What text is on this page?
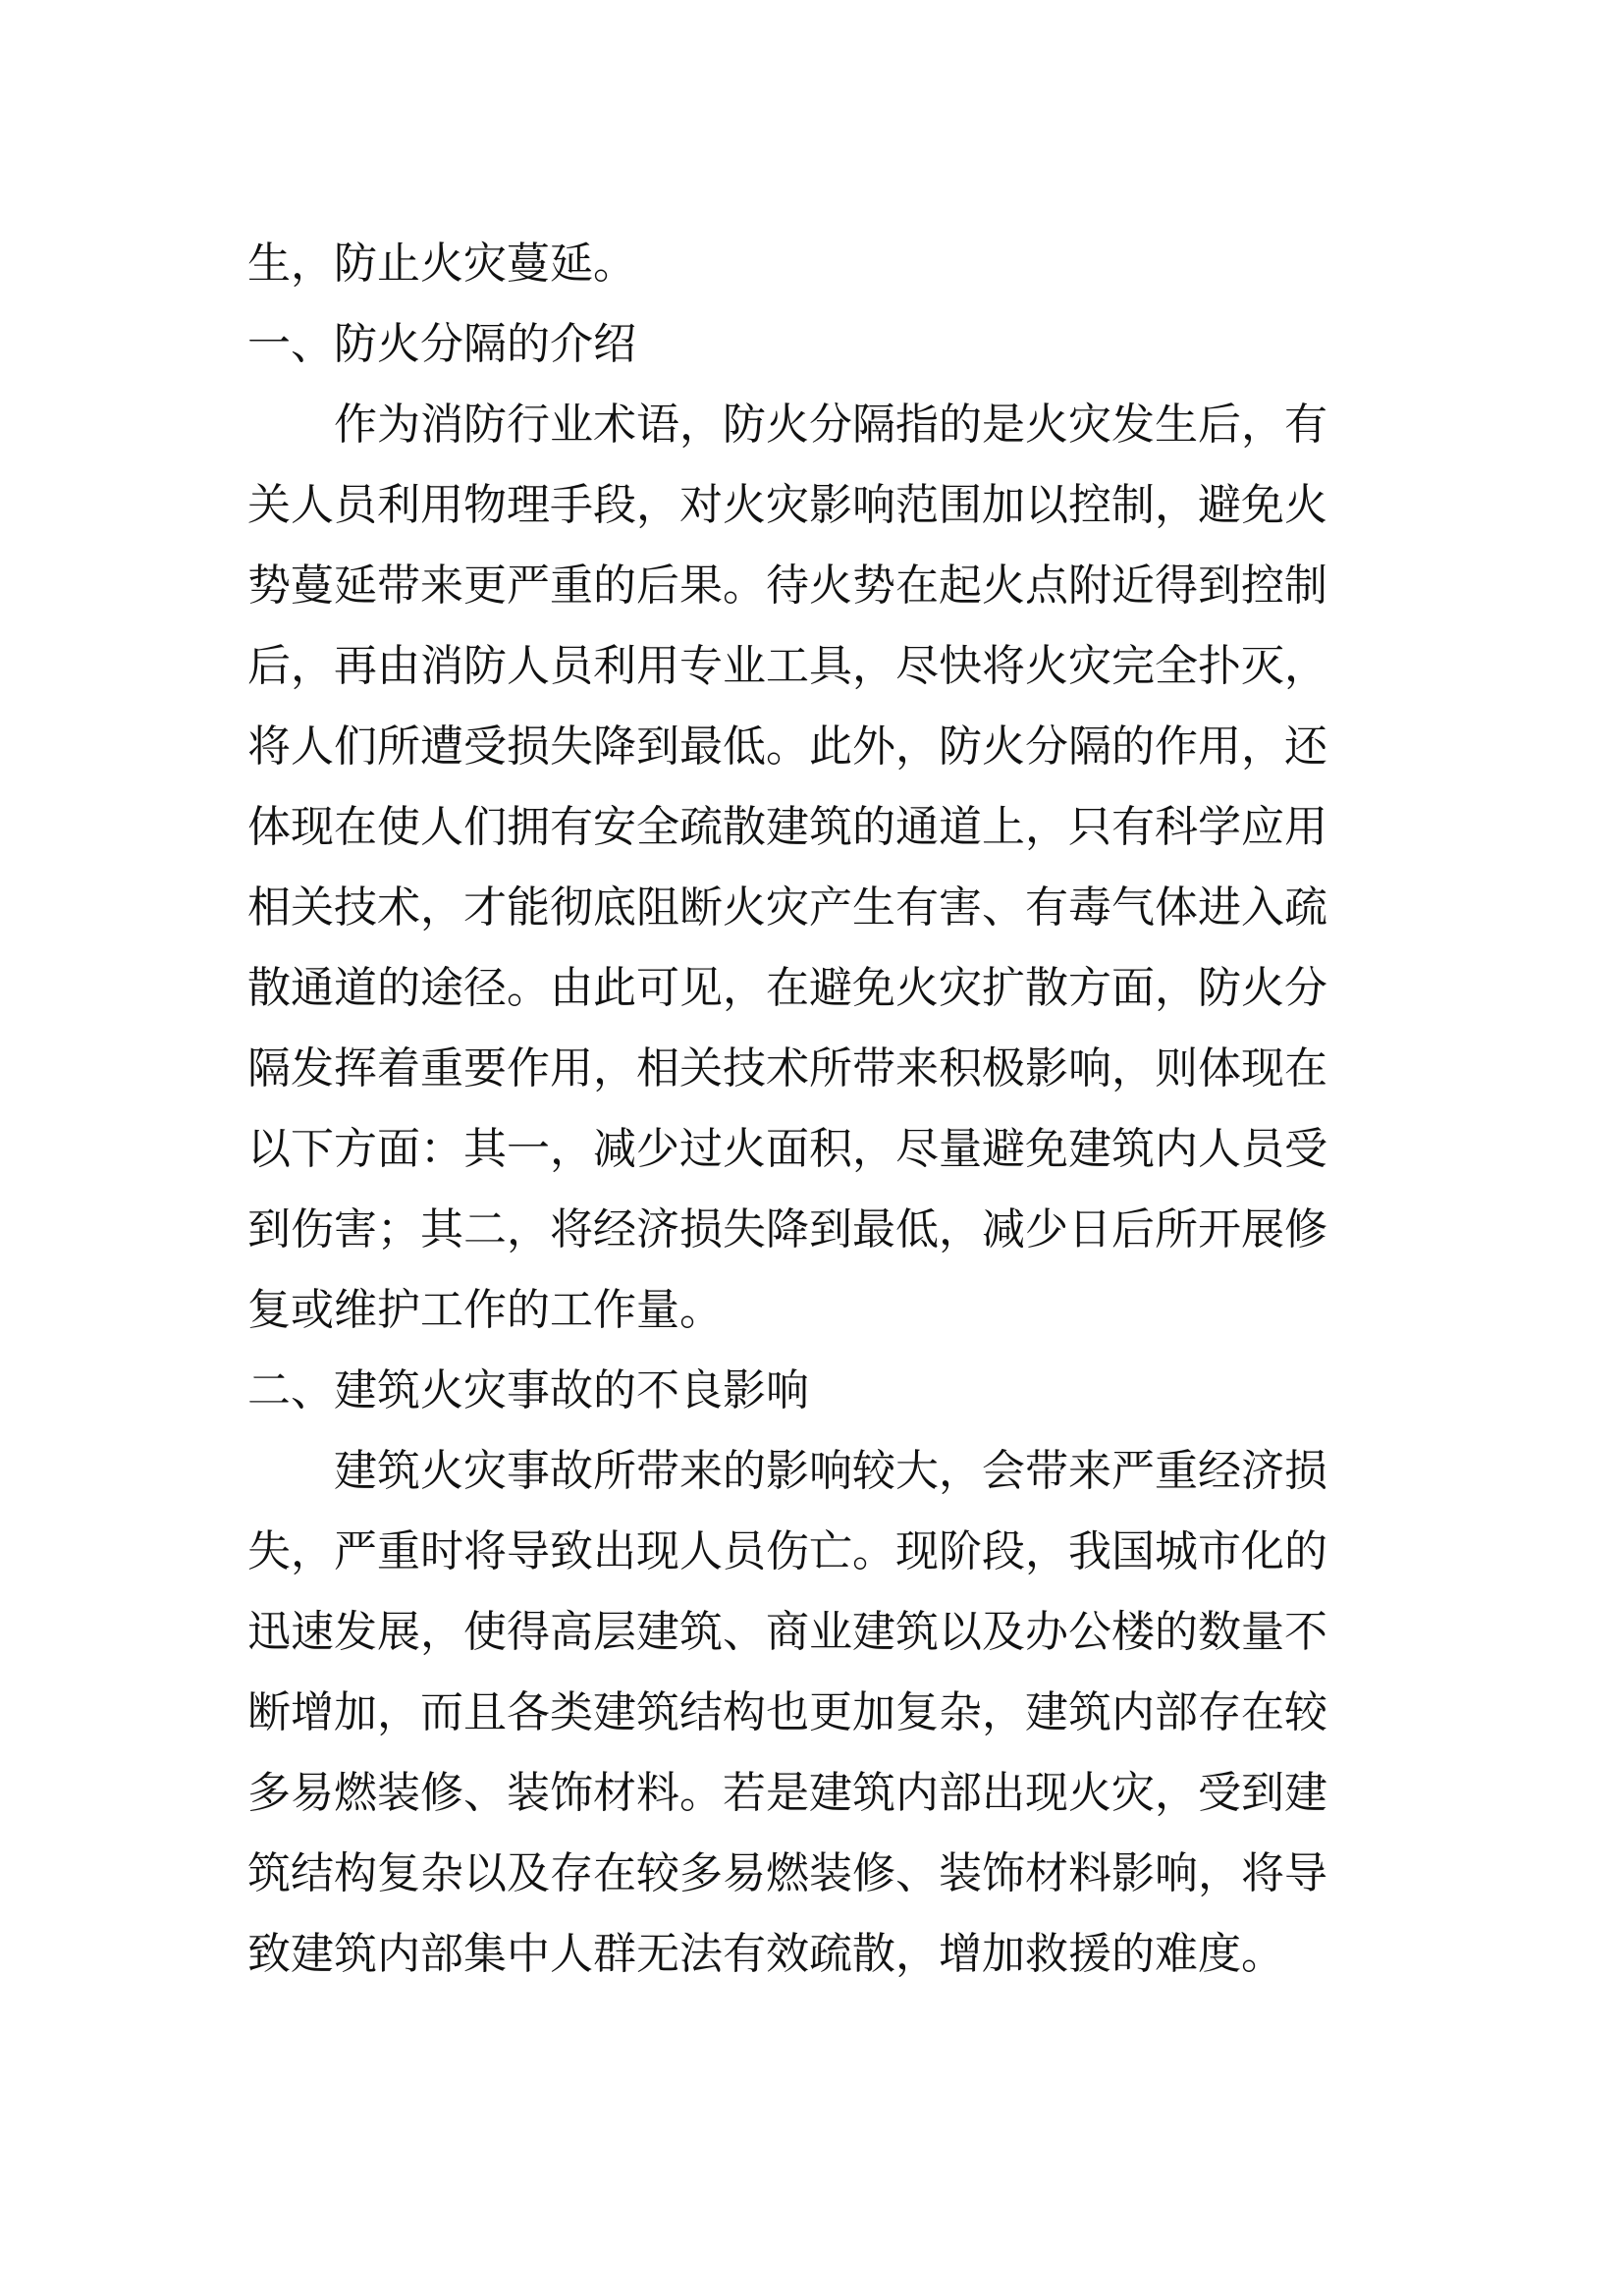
生，防止火灾蔓延。
一、防火分隔的介绍
作为消防行业术语，防火分隔指的是火灾发生后，有
关人员利用物理手段，对火灾影响范围加以控制，避免火
势蔓延带来更严重的后果。待火势在起火点附近得到控制
后，再由消防人员利用专业工具，尽快将火灾完全扑灭，
将人们所遭受损失降到最低。此外，防火分隔的作用，还
体现在使人们拥有安全疏散建筑的通道上，只有科学应用
相关技术，才能彻底阻断火灾产生有害、有毒气体进入疏
散通道的途径。由此可见，在避免火灾扩散方面，防火分
隔发挥着重要作用，相关技术所带来积极影响，则体现在
以下方面：其一，减少过火面积，尽量避免建筑内人员受
到伤害；其二，将经济损失降到最低，减少日后所开展修
复或维护工作的工作量。
二、建筑火灾事故的不良影响
建筑火灾事故所带来的影响较大，会带来严重经济损
失，严重时将导致出现人员伤亡。现阶段，我国城市化的
迅速发展，使得高层建筑、商业建筑以及办公楼的数量不
断增加，而且各类建筑结构也更加复杂，建筑内部存在较
多易燃装修、装饰材料。若是建筑内部出现火灾，受到建
筑结构复杂以及存在较多易燃装修、装饰材料影响，将导
致建筑内部集中人群无法有效疏散，增加救援的难度。
